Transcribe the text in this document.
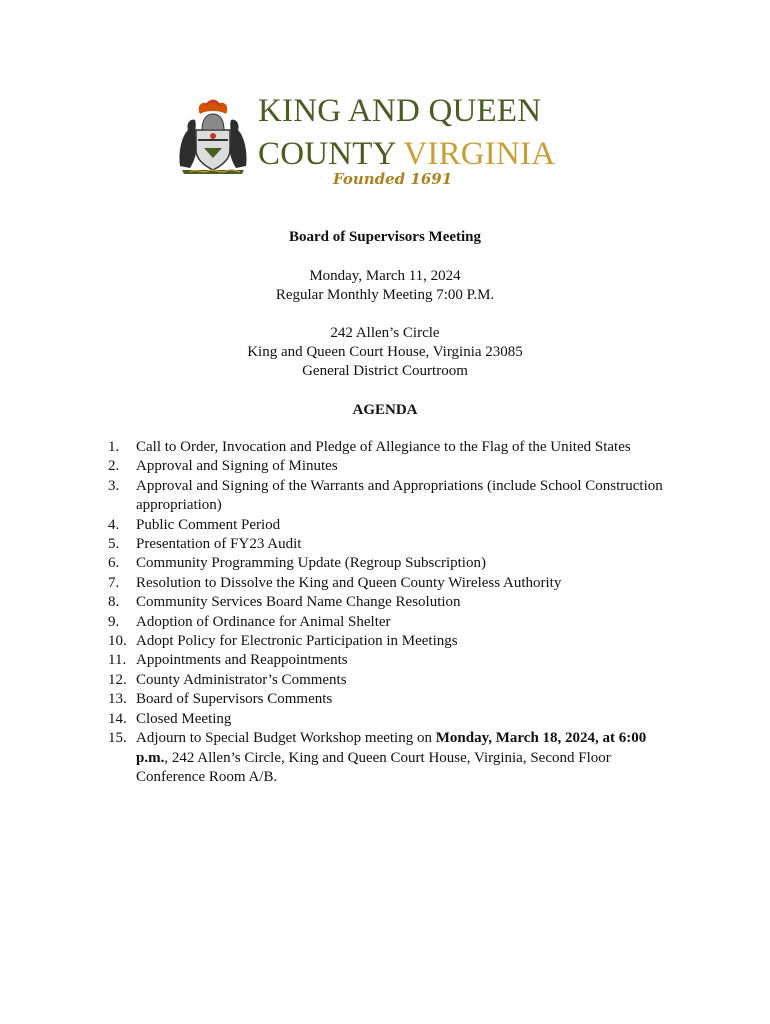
KING AND QUEEN
COUNTY VIRGINIA
Founded 1691
Board of Supervisors Meeting
Monday, March 11, 2024
Regular Monthly Meeting 7:00 P.M.
242 Allen’s Circle
King and Queen Court House, Virginia 23085
General District Courtroom
AGENDA
1.	Call to Order, Invocation and Pledge of Allegiance to the Flag of the United States
2.	Approval and Signing of Minutes
3.	Approval and Signing of the Warrants and Appropriations (include School Construction appropriation)
4.	Public Comment Period
5.	Presentation of FY23 Audit
6.	Community Programming Update (Regroup Subscription)
7.	Resolution to Dissolve the King and Queen County Wireless Authority
8.	Community Services Board Name Change Resolution
9.	Adoption of Ordinance for Animal Shelter
10. Adopt Policy for Electronic Participation in Meetings
11. Appointments and Reappointments
12. County Administrator’s Comments
13. Board of Supervisors Comments
14. Closed Meeting
15. Adjourn to Special Budget Workshop meeting on Monday, March 18, 2024, at 6:00 p.m., 242 Allen’s Circle, King and Queen Court House, Virginia, Second Floor Conference Room A/B.
